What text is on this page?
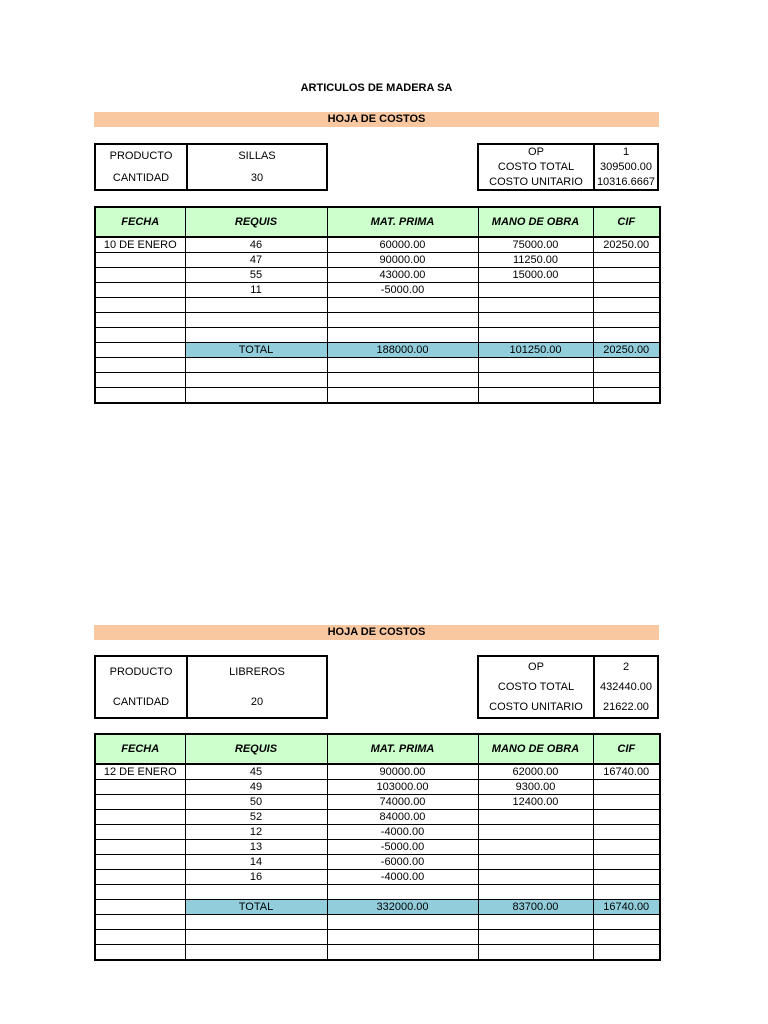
ARTICULOS DE MADERA SA
HOJA DE COSTOS
PRODUCTO	SILLAS
CANTIDAD	30

OP	1
COSTO TOTAL	309500.00
COSTO UNITARIO	10316.6667
FECHA	REQUIS	MAT. PRIMA	MANO DE OBRA	CIF
10 DE ENERO	46	60000.00	75000.00	20250.00
	47	90000.00	11250.00	
	55	43000.00	15000.00	
	11	-5000.00		

	TOTAL	188000.00	101250.00	20250.00

HOJA DE COSTOS

PRODUCTO	LIBREROS
CANTIDAD	20

OP	2
COSTO TOTAL	432440.00
COSTO UNITARIO	21622.00
FECHA	REQUIS	MAT. PRIMA	MANO DE OBRA	CIF
12 DE ENERO	45	90000.00	62000.00	16740.00
	49	103000.00	9300.00	
	50	74000.00	12400.00	
	52	84000.00		
	12	-4000.00		
	13	-5000.00		
	14	-6000.00		
	16	-4000.00		

	TOTAL	332000.00	83700.00	16740.00
